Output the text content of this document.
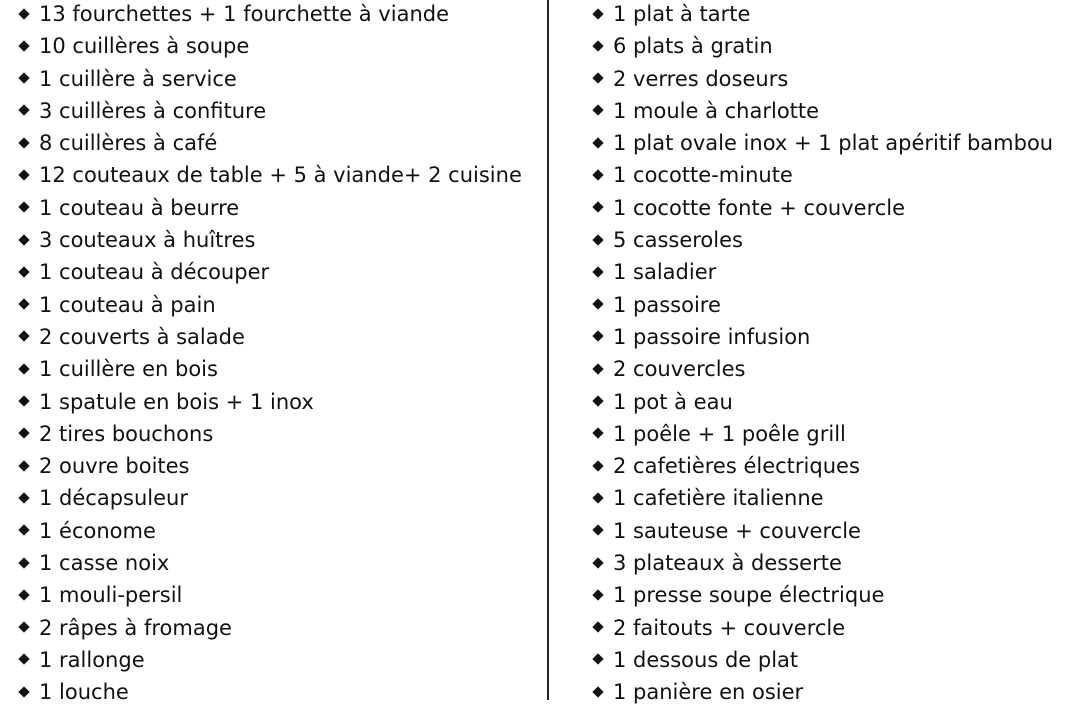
13 fourchettes + 1 fourchette à viande
10 cuillères à soupe
1 cuillère à service
3 cuillères à confiture
8 cuillères à café
12 couteaux de table + 5 à viande+ 2 cuisine
1 couteau à beurre
3 couteaux à huîtres
1 couteau à découper
1 couteau à pain
2 couverts à salade
1 cuillère en bois
1 spatule en bois + 1 inox
2 tires bouchons
2 ouvre boites
1 décapsuleur
1 économe
1 casse noix
1 mouli-persil
2 râpes à fromage
1 rallonge
1 louche
1 plat à tarte
6 plats à gratin
2 verres doseurs
1 moule à charlotte
1 plat ovale inox + 1 plat apéritif bambou
1 cocotte-minute
1 cocotte fonte + couvercle
5 casseroles
1 saladier
1 passoire
1 passoire infusion
2 couvercles
1 pot à eau
1 poêle + 1 poêle grill
2 cafetières électriques
1 cafetière italienne
1 sauteuse + couvercle
3 plateaux à desserte
1 presse soupe électrique
2 faitouts + couvercle
1 dessous de plat
1 panière en osier
